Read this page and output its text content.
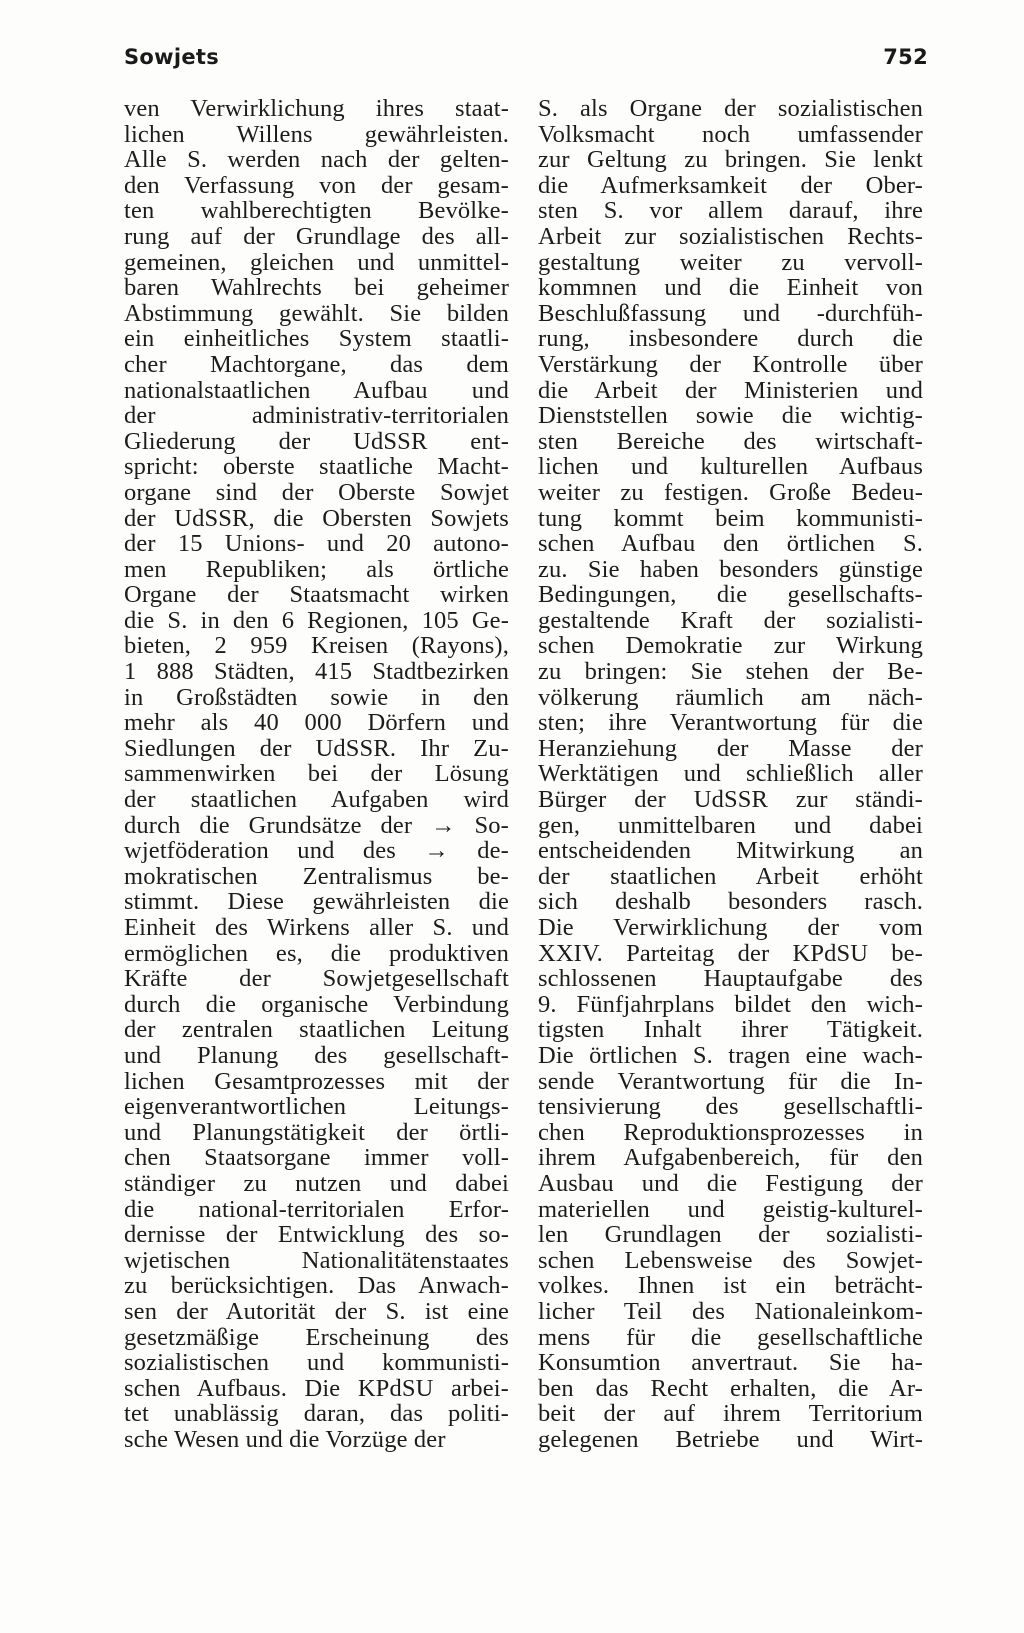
Sowjets	752
ven Verwirklichung ihres staat-
lichen Willens gewährleisten.
Alle S. werden nach der gelten-
den Verfassung von der gesam-
ten wahlberechtigten Bevölke-
rung auf der Grundlage des all-
gemeinen, gleichen und unmittel-
baren Wahlrechts bei geheimer
Abstimmung gewählt. Sie bilden
ein einheitliches System staatli-
cher Machtorgane, das dem
nationalstaatlichen Aufbau und
der administrativ-territorialen
Gliederung der UdSSR ent-
spricht: oberste staatliche Macht-
organe sind der Oberste Sowjet
der UdSSR, die Obersten Sowjets
der 15 Unions- und 20 autono-
men Republiken; als örtliche
Organe der Staatsmacht wirken
die S. in den 6 Regionen, 105 Ge-
bieten, 2 959 Kreisen (Rayons),
1 888 Städten, 415 Stadtbezirken
in Großstädten sowie in den
mehr als 40 000 Dörfern und
Siedlungen der UdSSR. Ihr Zu-
sammenwirken bei der Lösung
der staatlichen Aufgaben wird
durch die Grundsätze der → So-
wjetföderation und des → de-
mokratischen Zentralismus be-
stimmt. Diese gewährleisten die
Einheit des Wirkens aller S. und
ermöglichen es, die produktiven
Kräfte der Sowjetgesellschaft
durch die organische Verbindung
der zentralen staatlichen Leitung
und Planung des gesellschaft-
lichen Gesamtprozesses mit der
eigenverantwortlichen Leitungs-
und Planungstätigkeit der örtli-
chen Staatsorgane immer voll-
ständiger zu nutzen und dabei
die national-territorialen Erfor-
dernisse der Entwicklung des so-
wjetischen Nationalitätenstaates
zu berücksichtigen. Das Anwach-
sen der Autorität der S. ist eine
gesetzmäßige Erscheinung des
sozialistischen und kommunisti-
schen Aufbaus. Die KPdSU arbei-
tet unablässig daran, das politi-
sche Wesen und die Vorzüge der
S. als Organe der sozialistischen
Volksmacht noch umfassender
zur Geltung zu bringen. Sie lenkt
die Aufmerksamkeit der Ober-
sten S. vor allem darauf, ihre
Arbeit zur sozialistischen Rechts-
gestaltung weiter zu vervoll-
kommnen und die Einheit von
Beschlußfassung und -durchfüh-
rung, insbesondere durch die
Verstärkung der Kontrolle über
die Arbeit der Ministerien und
Dienststellen sowie die wichtig-
sten Bereiche des wirtschaft-
lichen und kulturellen Aufbaus
weiter zu festigen. Große Bedeu-
tung kommt beim kommunisti-
schen Aufbau den örtlichen S.
zu. Sie haben besonders günstige
Bedingungen, die gesellschafts-
gestaltende Kraft der sozialisti-
schen Demokratie zur Wirkung
zu bringen: Sie stehen der Be-
völkerung räumlich am näch-
sten; ihre Verantwortung für die
Heranziehung der Masse der
Werktätigen und schließlich aller
Bürger der UdSSR zur ständi-
gen, unmittelbaren und dabei
entscheidenden Mitwirkung an
der staatlichen Arbeit erhöht
sich deshalb besonders rasch.
Die Verwirklichung der vom
XXIV. Parteitag der KPdSU be-
schlossenen Hauptaufgabe des
9. Fünfjahrplans bildet den wich-
tigsten Inhalt ihrer Tätigkeit.
Die örtlichen S. tragen eine wach-
sende Verantwortung für die In-
tensivierung des gesellschaftli-
chen Reproduktionsprozesses in
ihrem Aufgabenbereich, für den
Ausbau und die Festigung der
materiellen und geistig-kulturel-
len Grundlagen der sozialisti-
schen Lebensweise des Sowjet-
volkes. Ihnen ist ein beträcht-
licher Teil des Nationaleinkom-
mens für die gesellschaftliche
Konsumtion anvertraut. Sie ha-
ben das Recht erhalten, die Ar-
beit der auf ihrem Territorium
gelegenen Betriebe und Wirt-
